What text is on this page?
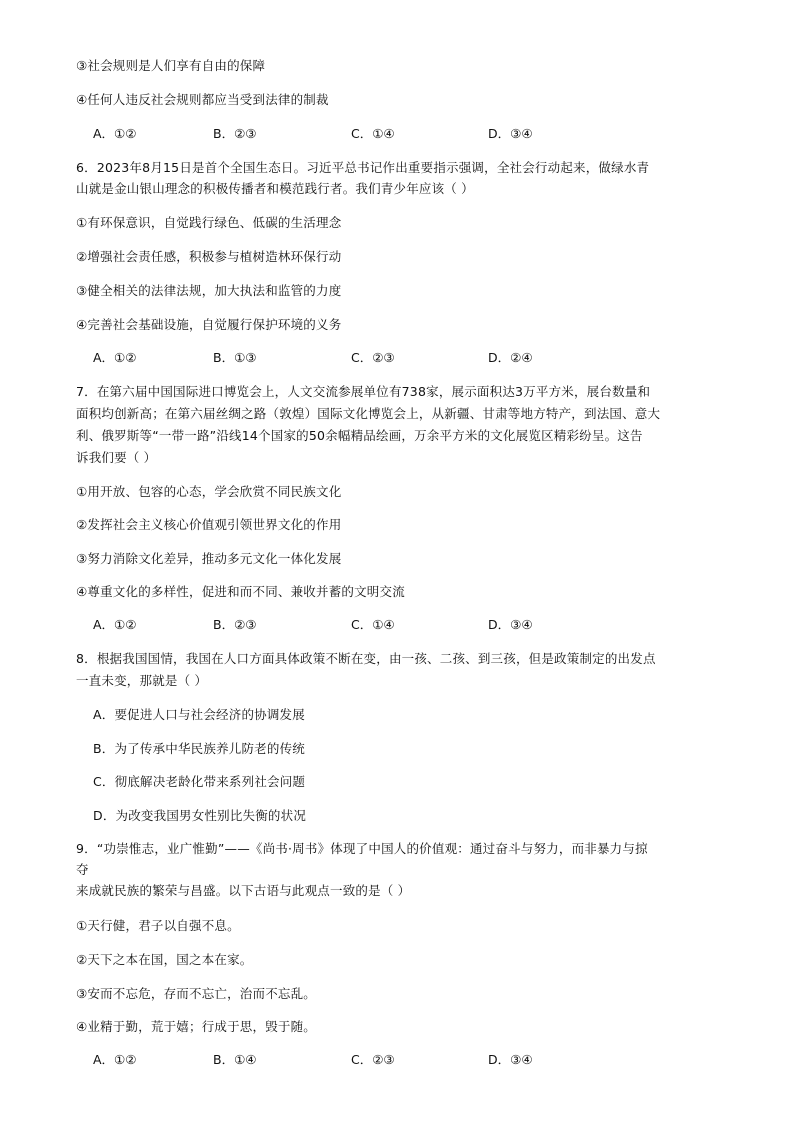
③社会规则是人们享有自由的保障
④任何人违反社会规则都应当受到法律的制裁
A．①②	B．②③	C．①④	D．③④
6．2023年8月15日是首个全国生态日。习近平总书记作出重要指示强调，全社会行动起来，做绿水青
山就是金山银山理念的积极传播者和模范践行者。我们青少年应该（ ）
①有环保意识，自觉践行绿色、低碳的生活理念
②增强社会责任感，积极参与植树造林环保行动
③健全相关的法律法规，加大执法和监管的力度
④完善社会基础设施，自觉履行保护环境的义务
A．①②	B．①③	C．②③	D．②④
7．在第六届中国国际进口博览会上，人文交流参展单位有738家，展示面积达3万平方米，展台数量和
面积均创新高；在第六届丝绸之路（敦煌）国际文化博览会上，从新疆、甘肃等地方特产，到法国、意大
利、俄罗斯等“一带一路”沿线14个国家的50余幅精品绘画，万余平方米的文化展览区精彩纷呈。这告
诉我们要（ ）
①用开放、包容的心态，学会欣赏不同民族文化
②发挥社会主义核心价值观引领世界文化的作用
③努力消除文化差异，推动多元文化一体化发展
④尊重文化的多样性，促进和而不同、兼收并蓄的文明交流
A．①②	B．②③	C．①④	D．③④
8．根据我国国情，我国在人口方面具体政策不断在变，由一孩、二孩、到三孩，但是政策制定的出发点
一直未变，那就是（ ）
A．要促进人口与社会经济的协调发展
B．为了传承中华民族养儿防老的传统
C．彻底解决老龄化带来系列社会问题
D．为改变我国男女性别比失衡的状况
9．“功崇惟志，业广惟勤”——《尚书·周书》体现了中国人的价值观：通过奋斗与努力，而非暴力与掠
夺
来成就民族的繁荣与昌盛。以下古语与此观点一致的是（ ）
①天行健，君子以自强不息。
②天下之本在国，国之本在家。
③安而不忘危，存而不忘亡，治而不忘乱。
④业精于勤，荒于嬉；行成于思，毁于随。
A．①②	B．①④	C．②③	D．③④
